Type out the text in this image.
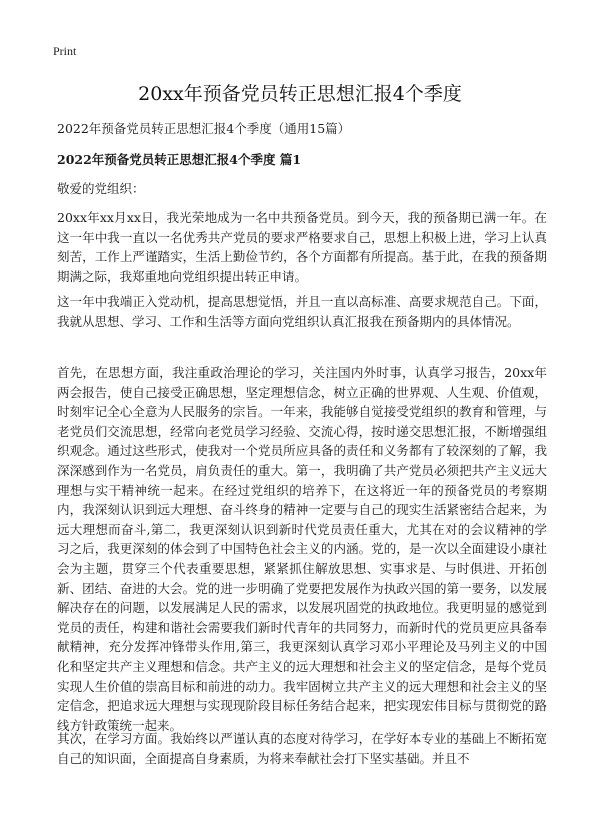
Print
20xx年预备党员转正思想汇报4个季度
2022年预备党员转正思想汇报4个季度（通用15篇）
2022年预备党员转正思想汇报4个季度 篇1
敬爱的党组织：

20xx年xx月xx日，我光荣地成为一名中共预备党员。到今天，我的预备期已满一年。在这一年中我一直以一名优秀共产党员的要求严格要求自己，思想上积极上进，学习上认真刻苦，工作上严谨踏实，生活上勤俭节约，各个方面都有所提高。基于此，在我的预备期期满之际，我郑重地向党组织提出转正申请。

这一年中我端正入党动机，提高思想觉悟，并且一直以高标准、高要求规范自己。下面，我就从思想、学习、工作和生活等方面向党组织认真汇报我在预备期内的具体情况。

首先，在思想方面，我注重政治理论的学习，关注国内外时事，认真学习报告，20xx年两会报告，使自己接受正确思想，坚定理想信念，树立正确的世界观、人生观、价值观，时刻牢记全心全意为人民服务的宗旨。一年来，我能够自觉接受党组织的教育和管理，与老党员们交流思想，经常向老党员学习经验、交流心得，按时递交思想汇报，不断增强组织观念。通过这些形式，使我对一个党员所应具备的责任和义务都有了较深刻的了解，我深深感到作为一名党员，肩负责任的重大。第一，我明确了共产党员必须把共产主义远大理想与实干精神统一起来。在经过党组织的培养下，在这将近一年的预备党员的考察期内，我深刻认识到远大理想、奋斗终身的精神一定要与自己的现实生活紧密结合起来，为远大理想而奋斗,第二，我更深刻认识到新时代党员责任重大，尤其在对的会议精神的学习之后，我更深刻的体会到了中国特色社会主义的内涵。党的，是一次以全面建设小康社会为主题，贯穿三个代表重要思想，紧紧抓住解放思想、实事求是、与时俱进、开拓创新、团结、奋进的大会。党的进一步明确了党要把发展作为执政兴国的第一要务，以发展解决存在的问题，以发展满足人民的需求，以发展巩固党的执政地位。我更明显的感觉到党员的责任，构建和谐社会需要我们新时代青年的共同努力，而新时代的党员更应具备奉献精神，充分发挥冲锋带头作用,第三，我更深刻认真学习邓小平理论及马列主义的中国化和坚定共产主义理想和信念。共产主义的远大理想和社会主义的坚定信念，是每个党员实现人生价值的崇高目标和前进的动力。我牢固树立共产主义的远大理想和社会主义的坚定信念，把追求远大理想与实现现阶段目标任务结合起来，把实现宏伟目标与贯彻党的路线方针政策统一起来。

其次，在学习方面。我始终以严谨认真的态度对待学习，在学好本专业的基础上不断拓宽自己的知识面，全面提高自身素质，为将来奉献社会打下坚实基础。并且不
